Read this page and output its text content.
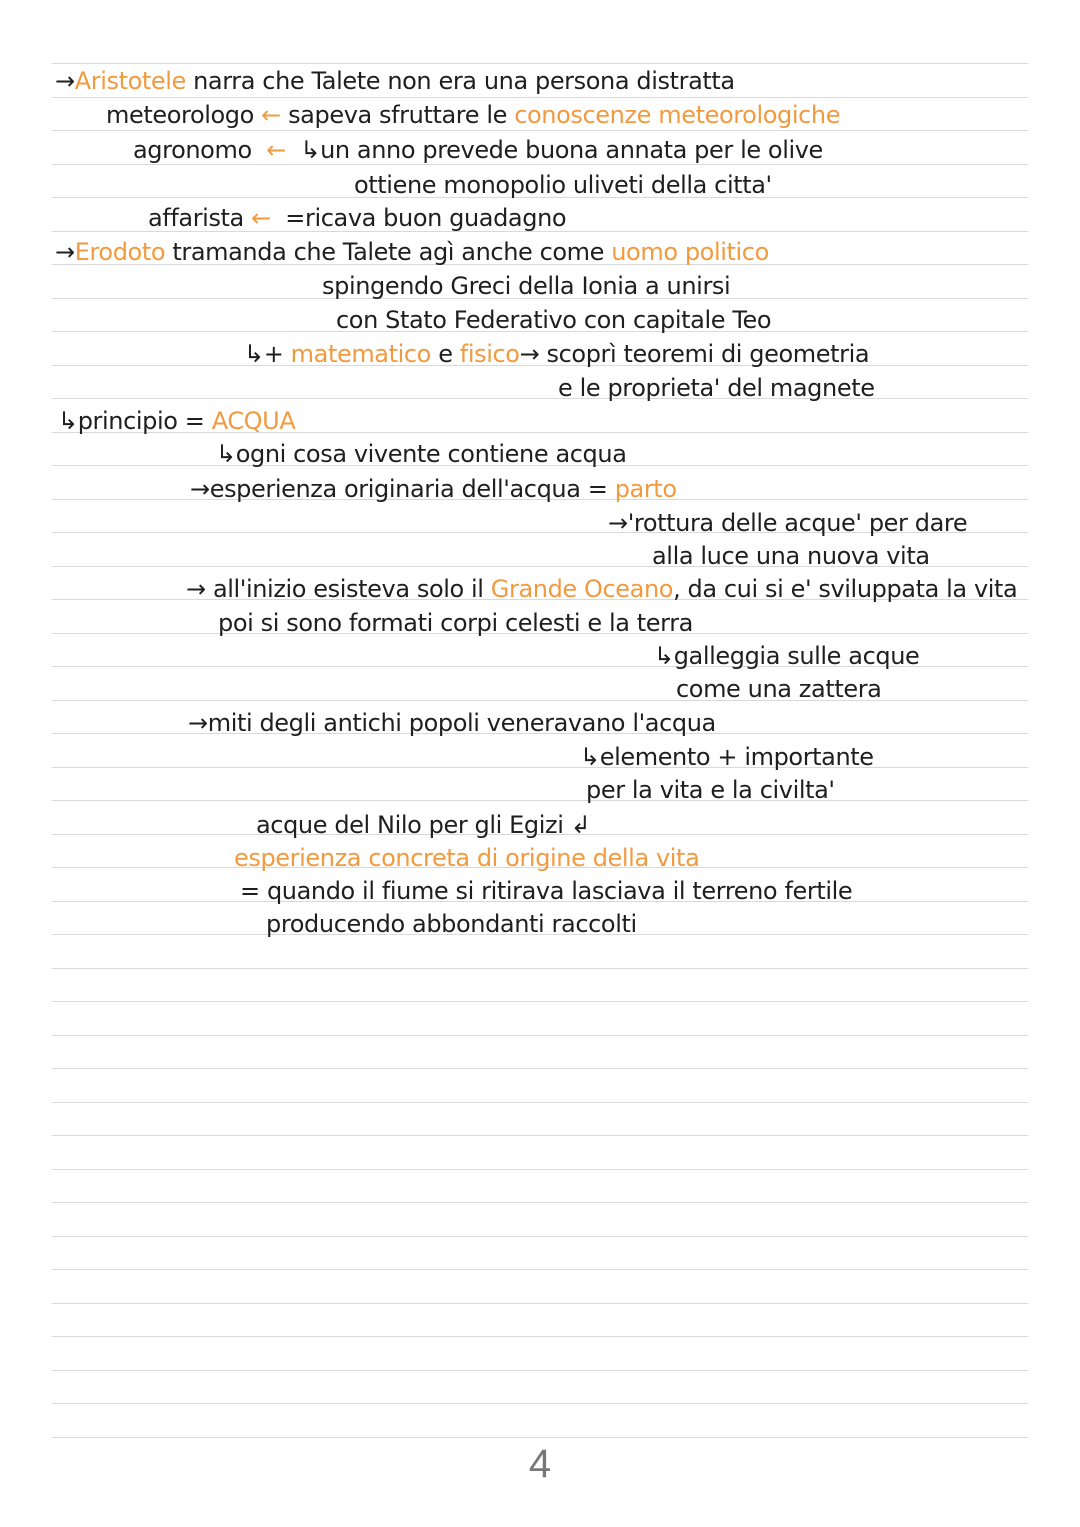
→Aristotele narra che Talete non era una persona distratta
meteorologo ← sapeva sfruttare le conoscenze meteorologiche
agronomo  ←  ↳un anno prevede buona annata per le olive
ottiene monopolio uliveti della citta'
affarista ←  =ricava buon guadagno
→Erodoto tramanda che Talete agì anche come uomo politico
spingendo Greci della Ionia a unirsi
con Stato Federativo con capitale Teo
↳+ matematico e fisico→ scoprì teoremi di geometria
e le proprieta' del magnete
↳principio = ACQUA
↳ogni cosa vivente contiene acqua
→esperienza originaria dell'acqua = parto
→'rottura delle acque' per dare
alla luce una nuova vita
→ all'inizio esisteva solo il Grande Oceano, da cui si e' sviluppata la vita
poi si sono formati corpi celesti e la terra
↳galleggia sulle acque
come una zattera
→miti degli antichi popoli veneravano l'acqua
↳elemento + importante
per la vita e la civilta'
acque del Nilo per gli Egizi ↲
esperienza concreta di origine della vita
= quando il fiume si ritirava lasciava il terreno fertile
producendo abbondanti raccolti
4
